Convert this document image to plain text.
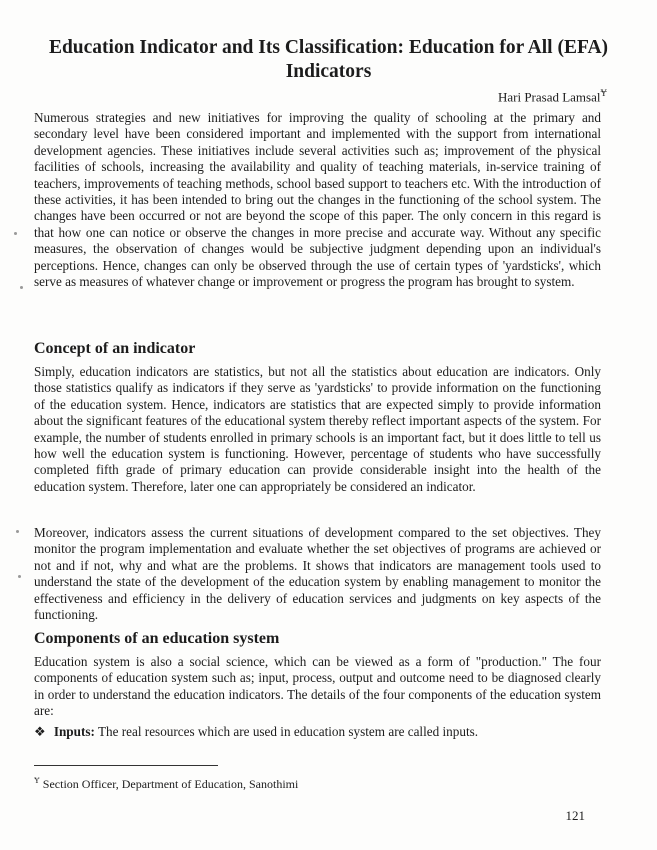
Education Indicator and Its Classification: Education for All (EFA) Indicators
Hari Prasad Lamsal$^Ɏ$

Numerous strategies and new initiatives for improving the quality of schooling at the primary and secondary level have been considered important and implemented with the support from international development agencies. These initiatives include several activities such as; improvement of the physical facilities of schools, increasing the availability and quality of teaching materials, in-service training of teachers, improvements of teaching methods, school based support to teachers etc. With the introduction of these activities, it has been intended to bring out the changes in the functioning of the school system. The changes have been occurred or not are beyond the scope of this paper. The only concern in this regard is that how one can notice or observe the changes in more precise and accurate way. Without any specific measures, the observation of changes would be subjective judgment depending upon an individual's perceptions. Hence, changes can only be observed through the use of certain types of 'yardsticks', which serve as measures of whatever change or improvement or progress the program has brought to system.

Concept of an indicator

Simply, education indicators are statistics, but not all the statistics about education are indicators. Only those statistics qualify as indicators if they serve as 'yardsticks' to provide information on the functioning of the education system. Hence, indicators are statistics that are expected simply to provide information about the significant features of the educational system thereby reflect important aspects of the system. For example, the number of students enrolled in primary schools is an important fact, but it does little to tell us how well the education system is functioning. However, percentage of students who have successfully completed fifth grade of primary education can provide considerable insight into the health of the education system. Therefore, later one can appropriately be considered an indicator.

Moreover, indicators assess the current situations of development compared to the set objectives. They monitor the program implementation and evaluate whether the set objectives of programs are achieved or not and if not, why and what are the problems. It shows that indicators are management tools used to understand the state of the development of the education system by enabling management to monitor the effectiveness and efficiency in the delivery of education services and judgments on key aspects of the functioning.

Components of an education system

Education system is also a social science, which can be viewed as a form of "production." The four components of education system such as; input, process, output and outcome need to be diagnosed clearly in order to understand the education indicators. The details of the four components of the education system are:

❖ Inputs: The real resources which are used in education system are called inputs.
$^Ɏ$ Section Officer, Department of Education, Sanothimi
121
